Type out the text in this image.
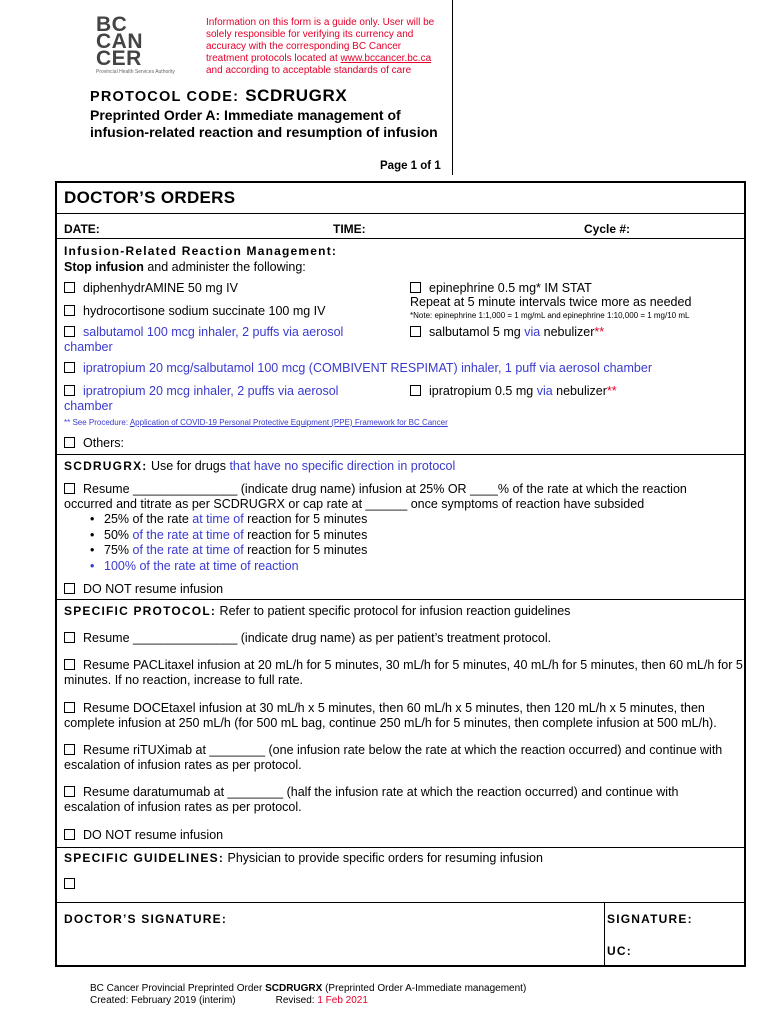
BC
CAN
CER
Provincial Health Services Authority
Information on this form is a guide only. User will be solely responsible for verifying its currency and accuracy with the corresponding BC Cancer treatment protocols located at www.bccancer.bc.ca and according to acceptable standards of care
PROTOCOL CODE: SCDRUGRX
Preprinted Order A: Immediate management of infusion-related reaction and resumption of infusion
Page 1 of 1
DOCTOR’S ORDERS
DATE:	TIME:	Cycle #:
Infusion-Related Reaction Management:
Stop infusion and administer the following:
diphenhydrAMINE 50 mg IV
hydrocortisone sodium succinate 100 mg IV
epinephrine 0.5 mg* IM STAT
Repeat at 5 minute intervals twice more as needed
*Note: epinephrine 1:1,000 = 1 mg/mL and epinephrine 1:10,000 = 1 mg/10 mL
salbutamol 100 mcg inhaler, 2 puffs via aerosol chamber
salbutamol 5 mg via nebulizer**
ipratropium 20 mcg/salbutamol 100 mcg (COMBIVENT RESPIMAT) inhaler, 1 puff via aerosol chamber
ipratropium 20 mcg inhaler, 2 puffs via aerosol chamber
ipratropium 0.5 mg via nebulizer**
** See Procedure: Application of COVID-19 Personal Protective Equipment (PPE) Framework for BC Cancer
Others:
SCDRUGRX: Use for drugs that have no specific direction in protocol
Resume _______________ (indicate drug name) infusion at 25% OR ____% of the rate at which the reaction occurred and titrate as per SCDRUGRX or cap rate at ______ once symptoms of reaction have subsided
• 25% of the rate at time of reaction for 5 minutes
• 50% of the rate at time of reaction for 5 minutes
• 75% of the rate at time of reaction for 5 minutes
• 100% of the rate at time of reaction
DO NOT resume infusion
SPECIFIC PROTOCOL: Refer to patient specific protocol for infusion reaction guidelines
Resume _______________ (indicate drug name) as per patient’s treatment protocol.
Resume PACLitaxel infusion at 20 mL/h for 5 minutes, 30 mL/h for 5 minutes, 40 mL/h for 5 minutes, then 60 mL/h for 5 minutes. If no reaction, increase to full rate.
Resume DOCEtaxel infusion at 30 mL/h x 5 minutes, then 60 mL/h x 5 minutes, then 120 mL/h x 5 minutes, then complete infusion at 250 mL/h (for 500 mL bag, continue 250 mL/h for 5 minutes, then complete infusion at 500 mL/h).
Resume riTUXimab at ________ (one infusion rate below the rate at which the reaction occurred) and continue with escalation of infusion rates as per protocol.
Resume daratumumab at ________ (half the infusion rate at which the reaction occurred) and continue with escalation of infusion rates as per protocol.
DO NOT resume infusion
SPECIFIC GUIDELINES: Physician to provide specific orders for resuming infusion
DOCTOR’S SIGNATURE:	SIGNATURE:
UC:
BC Cancer Provincial Preprinted Order SCDRUGRX (Preprinted Order A-Immediate management)
Created: February 2019 (interim)	Revised: 1 Feb 2021
